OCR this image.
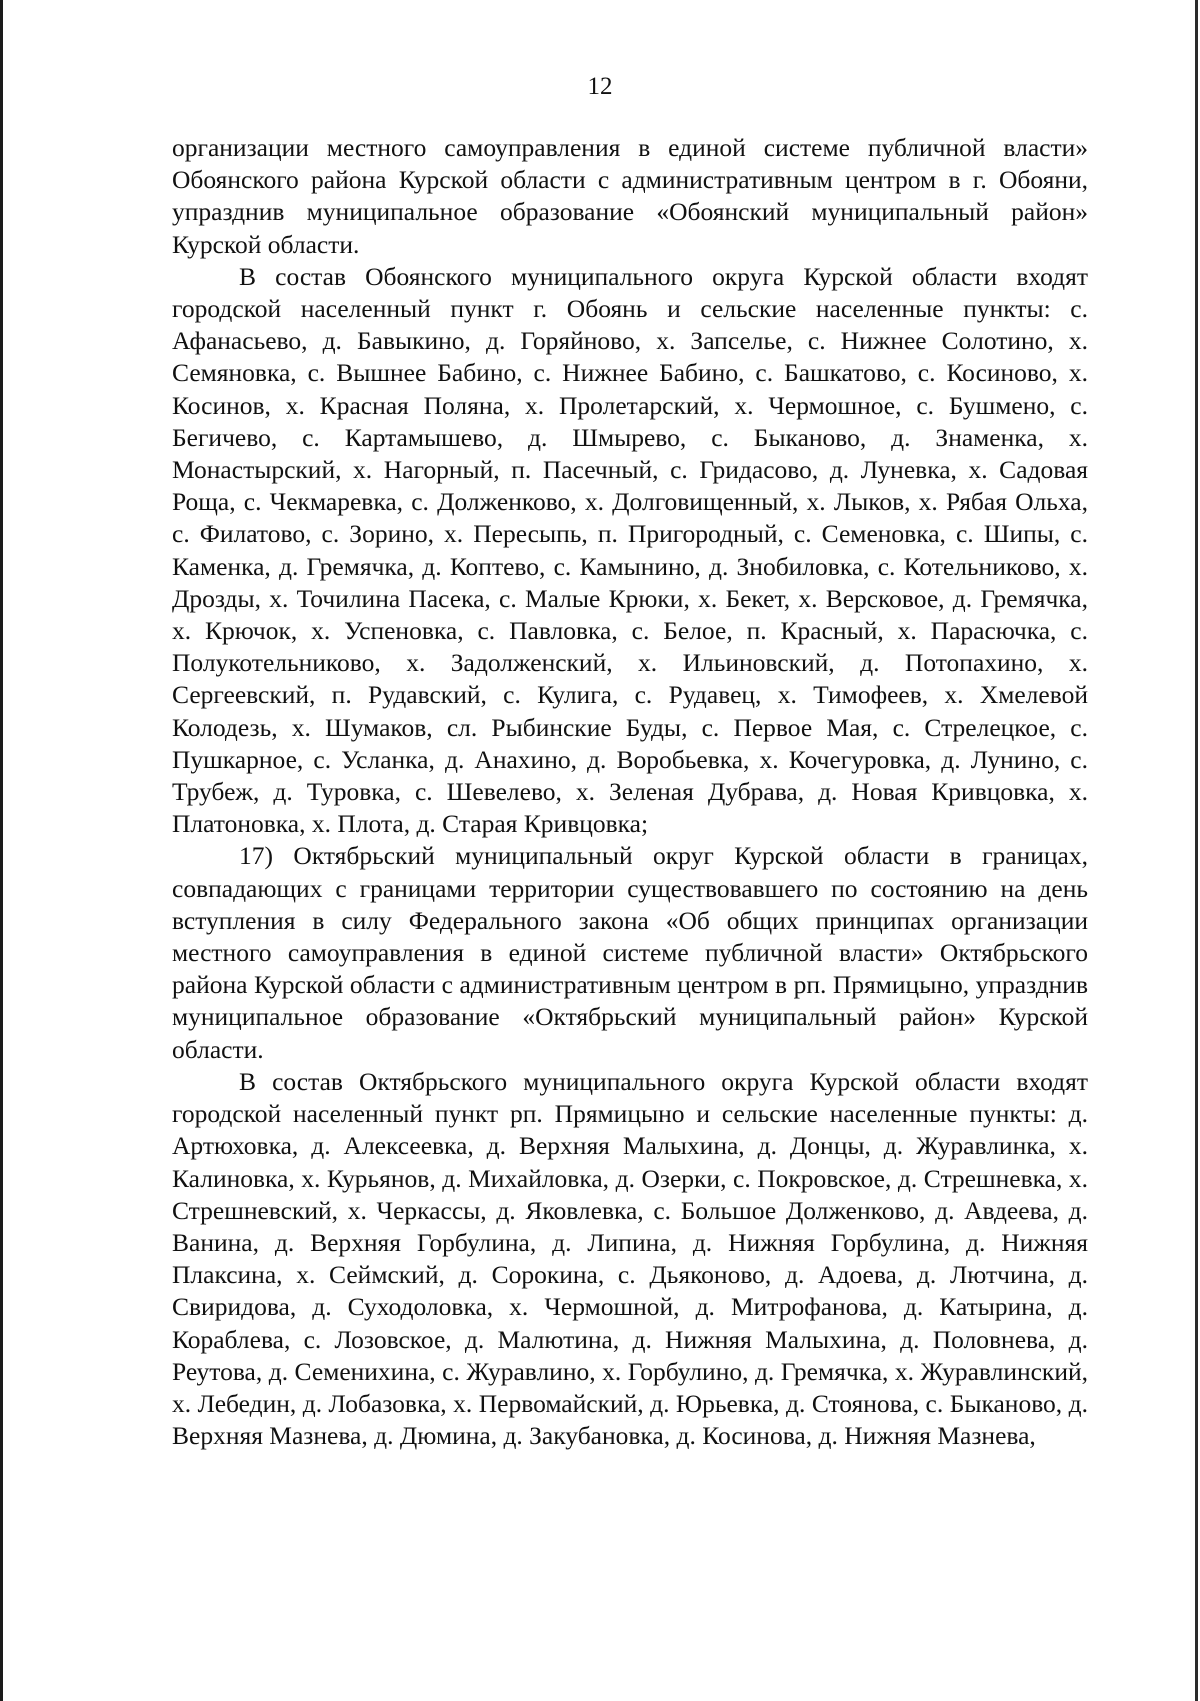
12

организации местного самоуправления в единой системе публичной власти» Обоянского района Курской области с административным центром в г. Обояни, упразднив муниципальное образование «Обоянский муниципальный район» Курской области.

В состав Обоянского муниципального округа Курской области входят городской населенный пункт г. Обоянь и сельские населенные пункты: с. Афанасьево, д. Бавыкино, д. Горяйново, х. Запселье, с. Нижнее Солотино, х. Семяновка, с. Вышнее Бабино, с. Нижнее Бабино, с. Башкатово, с. Косиново, х. Косинов, х. Красная Поляна, х. Пролетарский, х. Чермошное, с. Бушмено, с. Бегичево, с. Картамышево, д. Шмырево, с. Быканово, д. Знаменка, х. Монастырский, х. Нагорный, п. Пасечный, с. Гридасово, д. Луневка, х. Садовая Роща, с. Чекмаревка, с. Долженково, х. Долговищенный, х. Лыков, х. Рябая Ольха, с. Филатово, с. Зорино, х. Пересыпь, п. Пригородный, с. Семеновка, с. Шипы, с. Каменка, д. Гремячка, д. Коптево, с. Камынино, д. Знобиловка, с. Котельниково, х. Дрозды, х. Точилина Пасека, с. Малые Крюки, х. Бекет, х. Версковое, д. Гремячка, х. Крючок, х. Успеновка, с. Павловка, с. Белое, п. Красный, х. Парасючка, с. Полукотельниково, х. Задолженский, х. Ильиновский, д. Потопахино, х. Сергеевский, п. Рудавский, с. Кулига, с. Рудавец, х. Тимофеев, х. Хмелевой Колодезь, х. Шумаков, сл. Рыбинские Буды, с. Первое Мая, с. Стрелецкое, с. Пушкарное, с. Усланка, д. Анахино, д. Воробьевка, х. Кочегуровка, д. Лунино, с. Трубеж, д. Туровка, с. Шевелево, х. Зеленая Дубрава, д. Новая Кривцовка, х. Платоновка, х. Плота, д. Старая Кривцовка;

17) Октябрьский муниципальный округ Курской области в границах, совпадающих с границами территории существовавшего по состоянию на день вступления в силу Федерального закона «Об общих принципах организации местного самоуправления в единой системе публичной власти» Октябрьского района Курской области с административным центром в рп. Прямицыно, упразднив муниципальное образование «Октябрьский муниципальный район» Курской области.

В состав Октябрьского муниципального округа Курской области входят городской населенный пункт рп. Прямицыно и сельские населенные пункты: д. Артюховка, д. Алексеевка, д. Верхняя Малыхина, д. Донцы, д. Журавлинка, х. Калиновка, х. Курьянов, д. Михайловка, д. Озерки, с. Покровское, д. Стрешневка, х. Стрешневский, х. Черкассы, д. Яковлевка, с. Большое Долженково, д. Авдеева, д. Ванина, д. Верхняя Горбулина, д. Липина, д. Нижняя Горбулина, д. Нижняя Плаксина, х. Сеймский, д. Сорокина, с. Дьяконово, д. Адоева, д. Лютчина, д. Свиридова, д. Суходоловка, х. Чермошной, д. Митрофанова, д. Катырина, д. Кораблева, с. Лозовское, д. Малютина, д. Нижняя Малыхина, д. Половнева, д. Реутова, д. Семенихина, с. Журавлино, х. Горбулино, д. Гремячка, х. Журавлинский, х. Лебедин, д. Лобазовка, х. Первомайский, д. Юрьевка, д. Стоянова, с. Быканово, д. Верхняя Мазнева, д. Дюмина, д. Закубановка, д. Косинова, д. Нижняя Мазнева,
